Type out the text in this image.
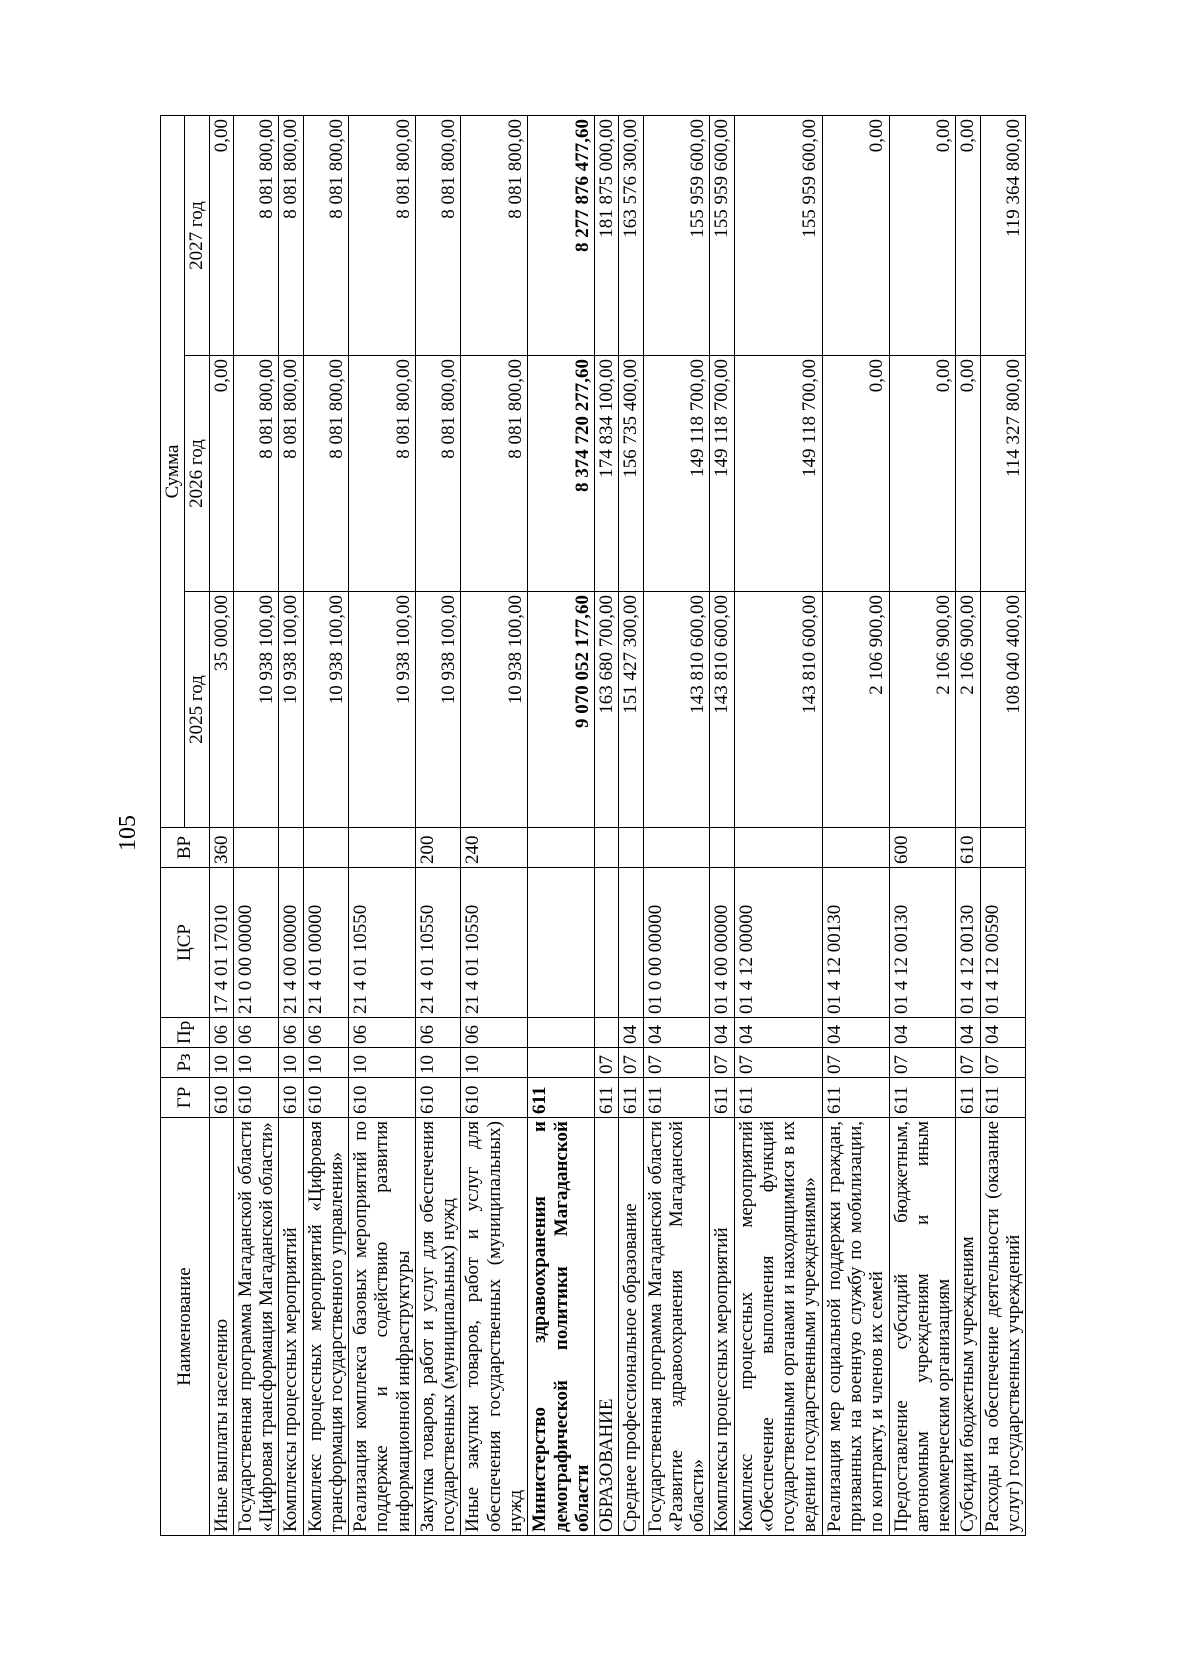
105
Наименование	ГР	Рз	Пр	ЦСР	ВР	Сумма		
						2025 год	2026 год	2027 год
Иные выплаты населению	610	10	06	17 4 01 17010	360	35 000,00	0,00	0,00
Государственная программа Магаданской области «Цифровая трансформация Магаданской области»	610	10	06	21 0 00 00000		10 938 100,00	8 081 800,00	8 081 800,00
Комплексы процессных мероприятий	610	10	06	21 4 00 00000		10 938 100,00	8 081 800,00	8 081 800,00
Комплекс процессных мероприятий «Цифровая трансформация государственного управления»	610	10	06	21 4 01 00000		10 938 100,00	8 081 800,00	8 081 800,00
Реализация комплекса базовых мероприятий по поддержке и содействию развития информационной инфраструктуры	610	10	06	21 4 01 10550		10 938 100,00	8 081 800,00	8 081 800,00
Закупка товаров, работ и услуг для обеспечения государственных (муниципальных) нужд	610	10	06	21 4 01 10550	200	10 938 100,00	8 081 800,00	8 081 800,00
Иные закупки товаров, работ и услуг для обеспечения государственных (муниципальных) нужд	610	10	06	21 4 01 10550	240	10 938 100,00	8 081 800,00	8 081 800,00
Министерство здравоохранения и демографической политики Магаданской области	611					9 070 052 177,60	8 374 720 277,60	8 277 876 477,60
ОБРАЗОВАНИЕ	611	07				163 680 700,00	174 834 100,00	181 875 000,00
Среднее профессиональное образование	611	07	04			151 427 300,00	156 735 400,00	163 576 300,00
Государственная программа Магаданской области «Развитие здравоохранения Магаданской области»	611	07	04	01 0 00 00000		143 810 600,00	149 118 700,00	155 959 600,00
Комплексы процессных мероприятий	611	07	04	01 4 00 00000		143 810 600,00	149 118 700,00	155 959 600,00
Комплекс процессных мероприятий «Обеспечение выполнения функций государственными органами и находящимися в их ведении государственными учреждениями»	611	07	04	01 4 12 00000		143 810 600,00	149 118 700,00	155 959 600,00
Реализация мер социальной поддержки граждан, призванных на военную службу по мобилизации, по контракту, и членов их семей	611	07	04	01 4 12 00130		2 106 900,00	0,00	0,00
Предоставление субсидий бюджетным, автономным учреждениям и иным некоммерческим организациям	611	07	04	01 4 12 00130	600	2 106 900,00	0,00	0,00
Субсидии бюджетным учреждениям	611	07	04	01 4 12 00130	610	2 106 900,00	0,00	0,00
Расходы на обеспечение деятельности (оказание услуг) государственных учреждений	611	07	04	01 4 12 00590		108 040 400,00	114 327 800,00	119 364 800,00
